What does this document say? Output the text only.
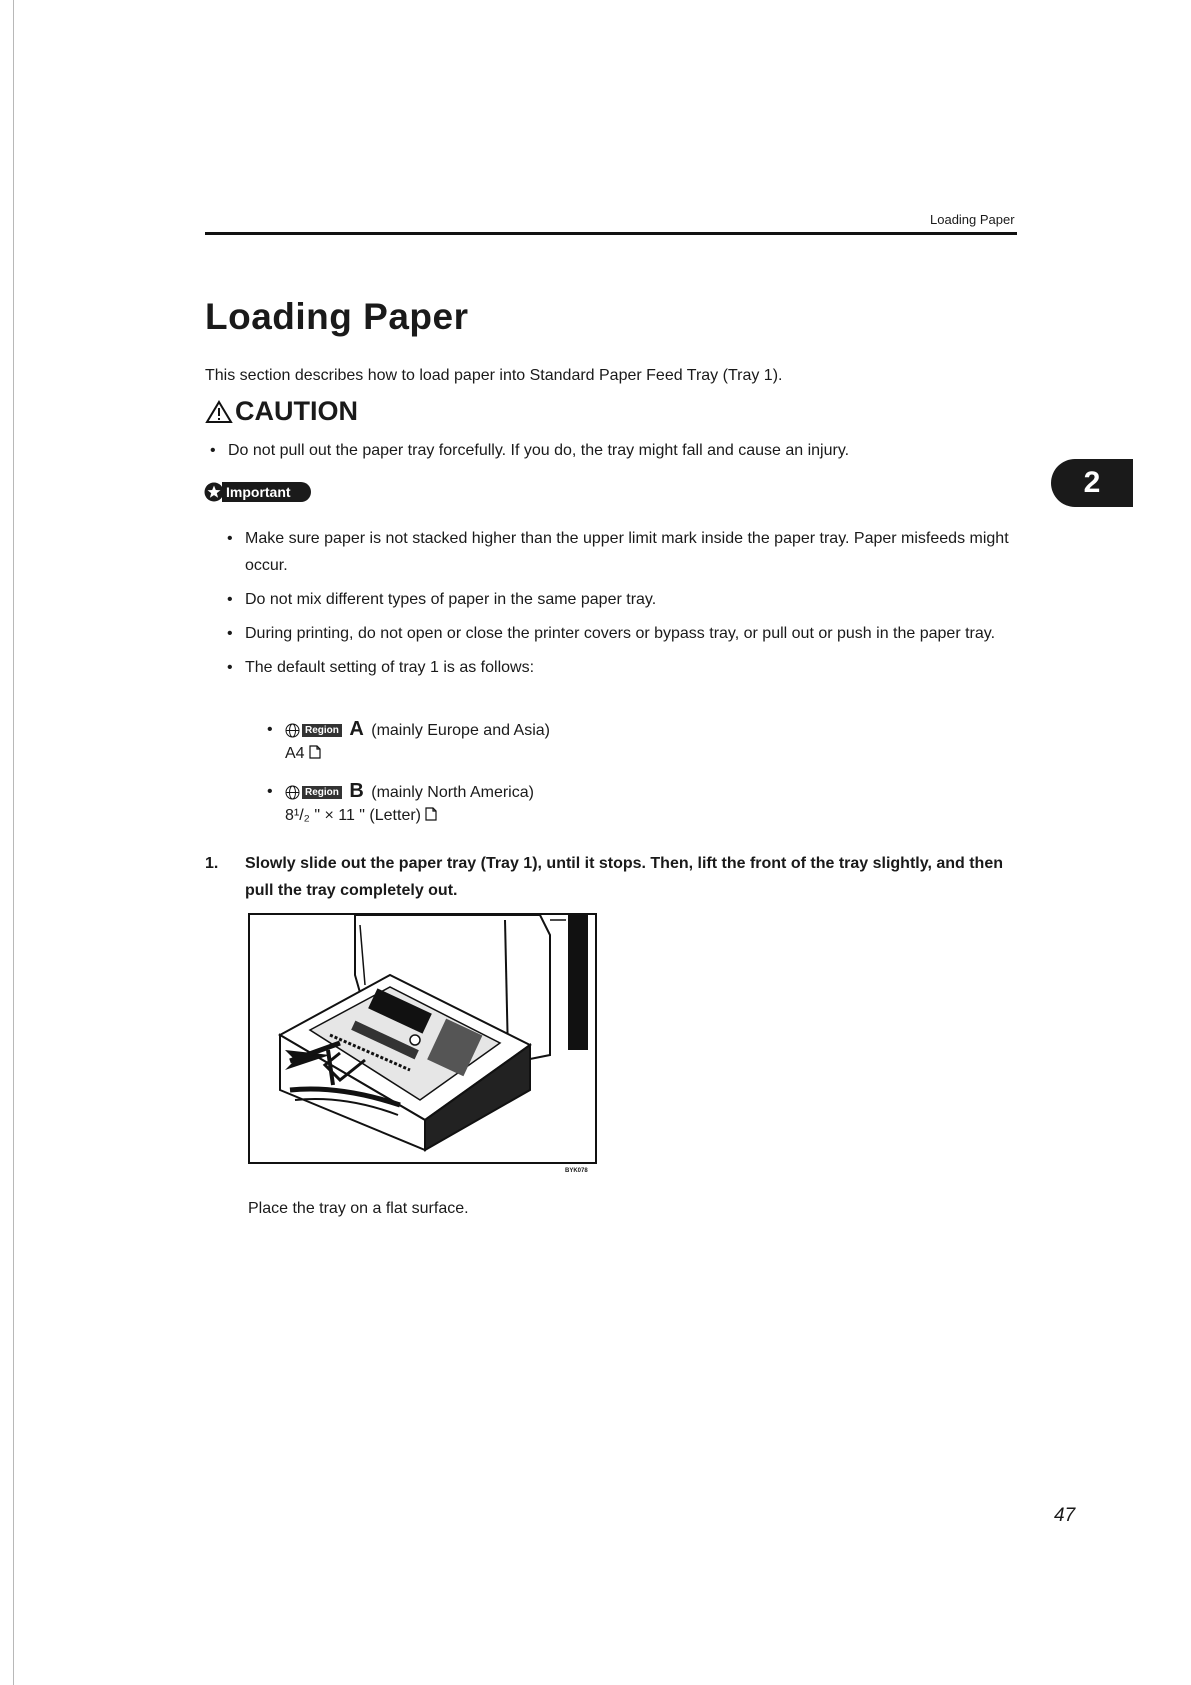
Loading Paper
Loading Paper
This section describes how to load paper into Standard Paper Feed Tray (Tray 1).
CAUTION
• Do not pull out the paper tray forcefully. If you do, the tray might fall and cause an injury.
2
Important
• Make sure paper is not stacked higher than the upper limit mark inside the paper tray. Paper misfeeds might occur.
• Do not mix different types of paper in the same paper tray.
• During printing, do not open or close the printer covers or bypass tray, or pull out or push in the paper tray.
• The default setting of tray 1 is as follows:
• Region A (mainly Europe and Asia)
A4
• Region B (mainly North America)
8¹/₂ " × 11 " (Letter)
1. Slowly slide out the paper tray (Tray 1), until it stops. Then, lift the front of the tray slightly, and then pull the tray completely out.
BYK078
Place the tray on a flat surface.
47
